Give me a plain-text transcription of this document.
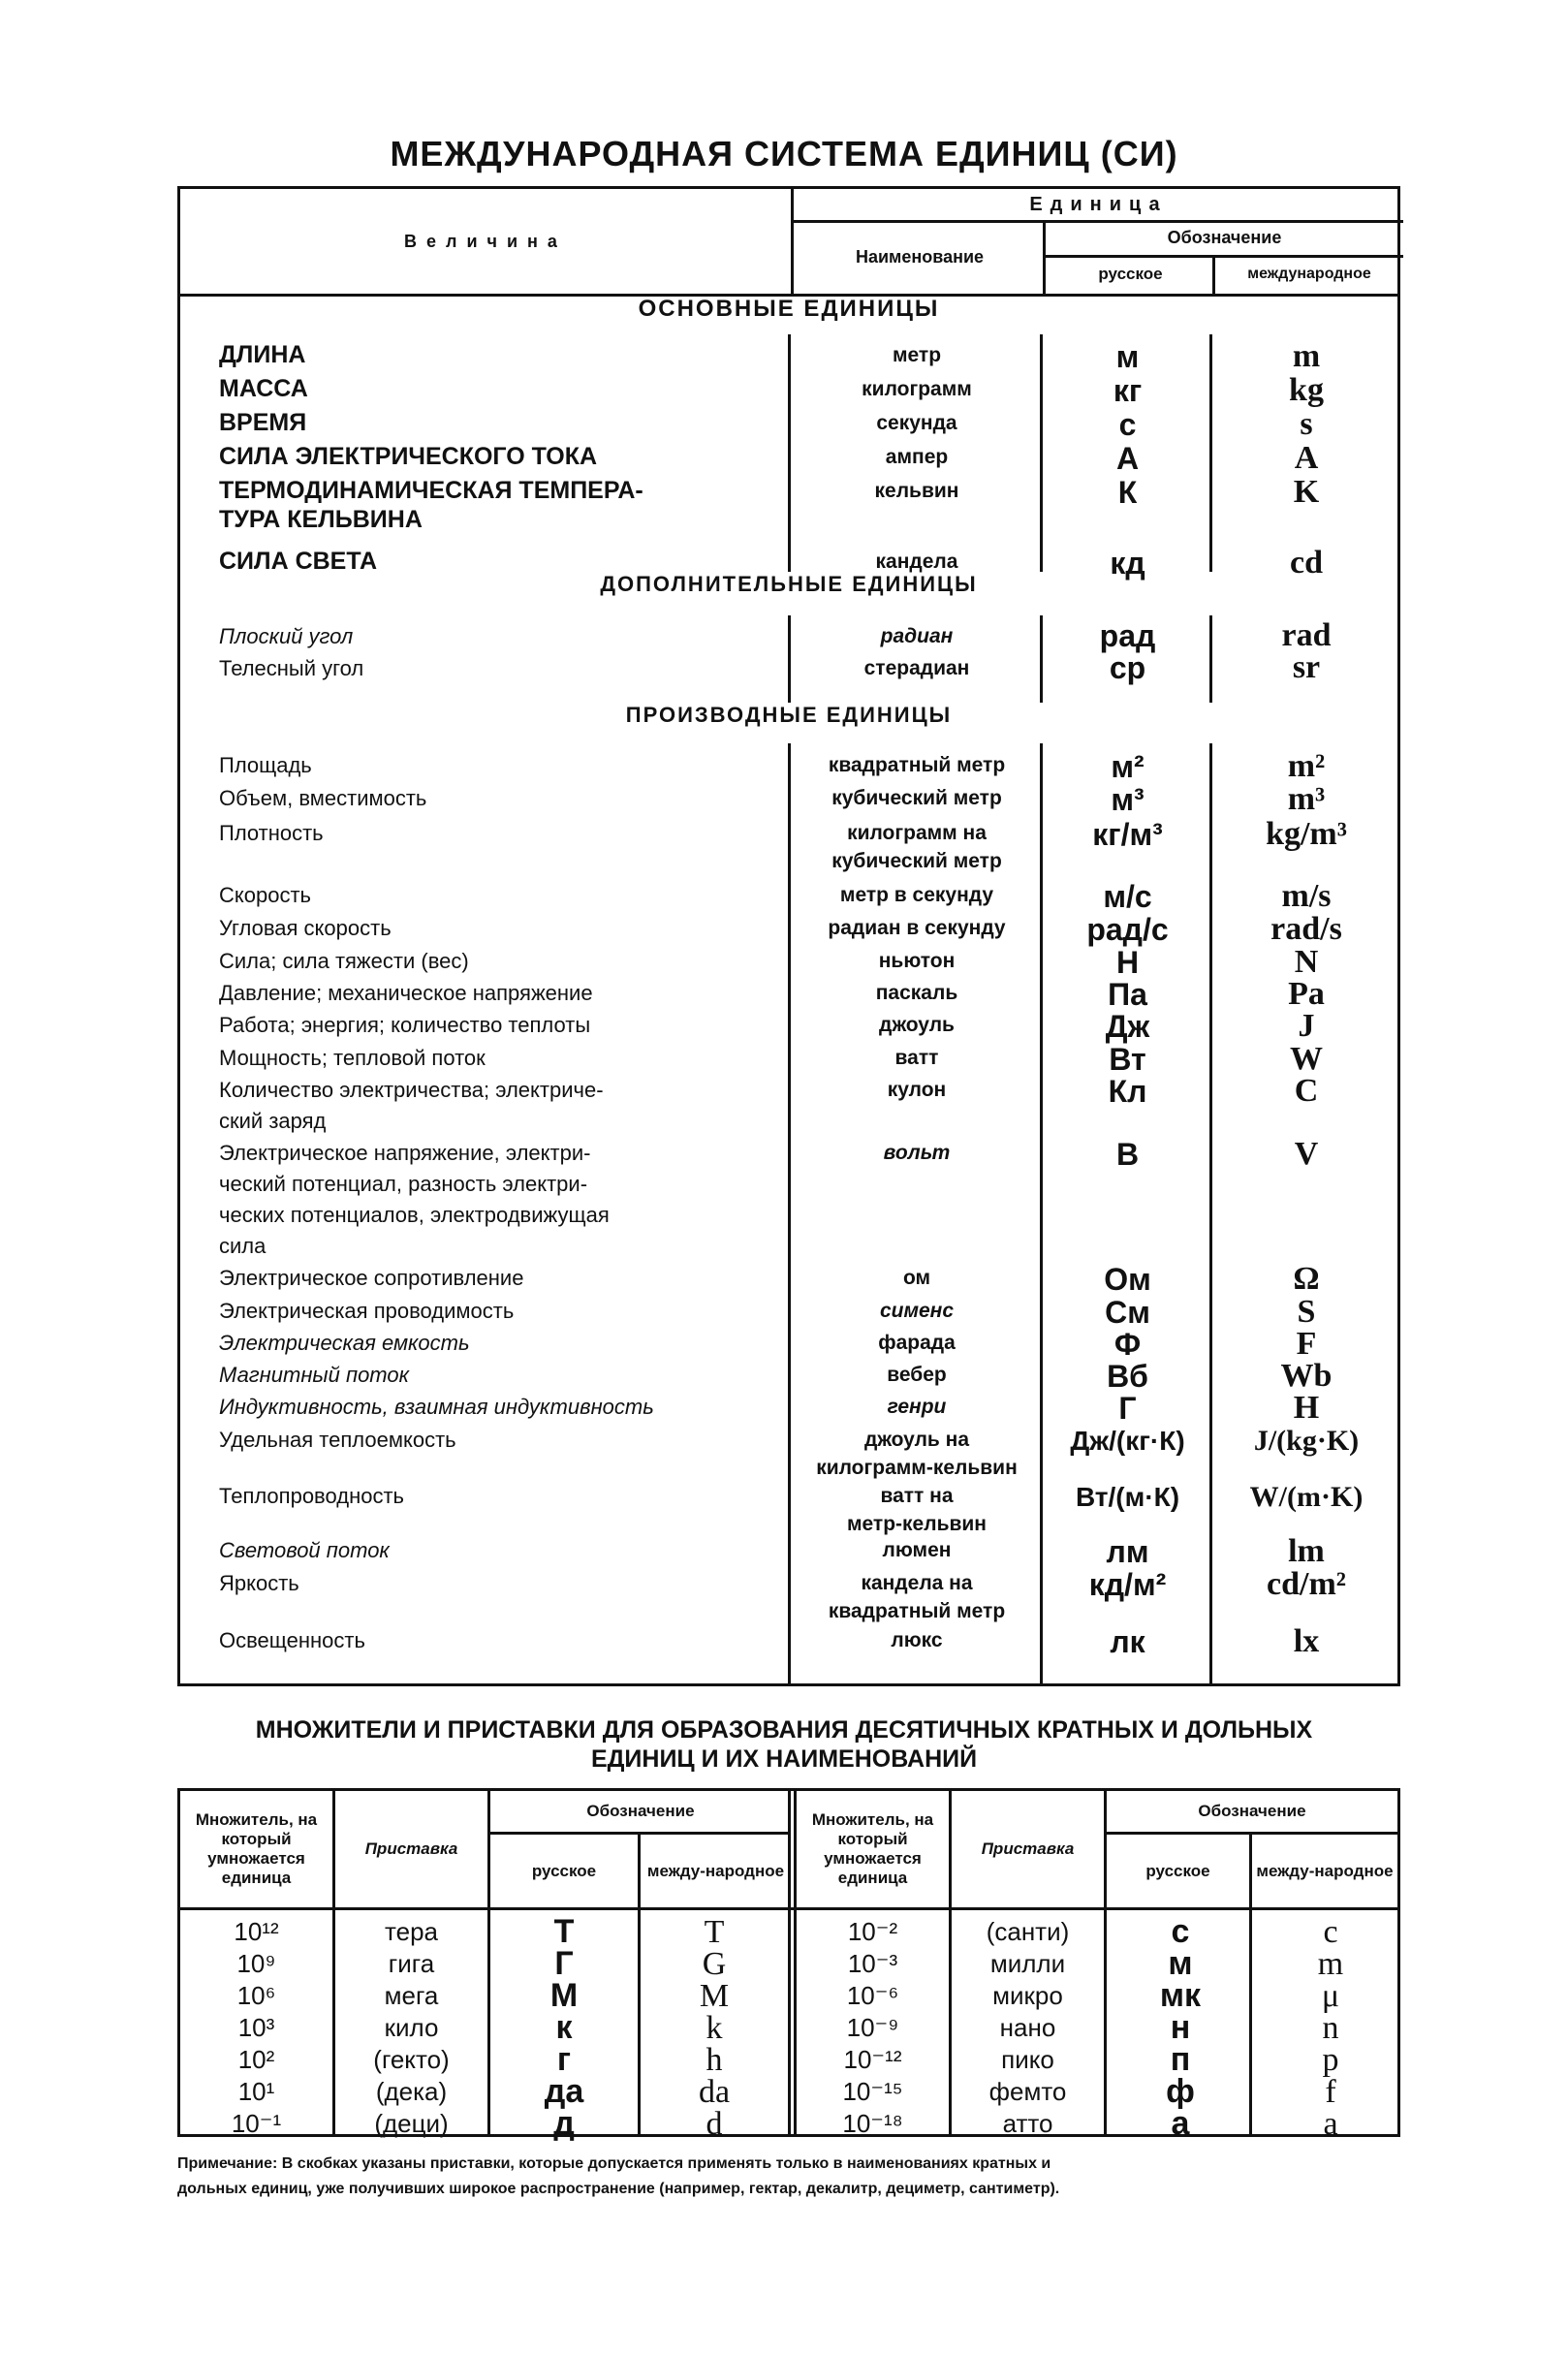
МЕЖДУНАРОДНАЯ СИСТЕМА ЕДИНИЦ (СИ)
Величина
Единица
Наименование
Обозначение
русское	международное
ОСНОВНЫЕ ЕДИНИЦЫ
ДЛИНА	метр	м	m
МАССА	килограмм	кг	kg
ВРЕМЯ	секунда	с	s
СИЛА ЭЛЕКТРИЧЕСКОГО ТОКА	ампер	А	A
ТЕРМОДИНАМИЧЕСКАЯ ТЕМПЕРА-
ТУРА КЕЛЬВИНА
кельвин	К	K
СИЛА СВЕТА	кандела	кд	cd
ДОПОЛНИТЕЛЬНЫЕ ЕДИНИЦЫ
Плоский угол	радиан	рад	rad
Телесный угол	стерадиан	ср	sr
ПРОИЗВОДНЫЕ ЕДИНИЦЫ
Площадь	квадратный метр	м²	m²
Объем, вместимость	кубический метр	м³	m³
Плотность	килограмм на
кубический метр
кг/м³	kg/m³
Скорость	метр в секунду	м/с	m/s
Угловая скорость	радиан в секунду	рад/с	rad/s
Сила; сила тяжести (вес)	ньютон	Н	N
Давление; механическое напряжение	паскаль	Па	Pa
Работа; энергия; количество теплоты	джоуль	Дж	J
Мощность; тепловой поток	ватт	Вт	W
Количество электричества; электриче-
ский заряд
кулон	Кл	C
Электрическое напряжение, электри-
ческий потенциал, разность электри-
ческих потенциалов, электродвижущая
сила
вольт	В	V
Электрическое сопротивление	ом	Ом	Ω
Электрическая проводимость	сименс	См	S
Электрическая емкость	фарада	Ф	F
Магнитный поток	вебер	Вб	Wb
Индуктивность, взаимная индуктивность	генри	Г	H
Удельная теплоемкость	джоуль на
килограмм-кельвин
Дж/(кг·К)	J/(kg·K)
Теплопроводность	ватт на
метр-кельвин
Вт/(м·К)	W/(m·K)
Световой поток	люмен	лм	lm
Яркость	кандела на
квадратный метр
кд/м²	cd/m²
Освещенность	люкс	лк	lx
МНОЖИТЕЛИ И ПРИСТАВКИ ДЛЯ ОБРАЗОВАНИЯ ДЕСЯТИЧНЫХ КРАТНЫХ И ДОЛЬНЫХ
ЕДИНИЦ И ИХ НАИМЕНОВАНИЙ
Множитель, на который умножается единица
Приставка
Обозначение
русское	между-народное
Множитель, на который умножается единица
Приставка
Обозначение
русское	между-народное
10¹²	тера	Т	T
10⁹	гига	Г	G
10⁶	мега	М	M
10³	кило	к	k
10²	(гекто)	г	h
10¹	(дека)	да	da
10⁻¹	(деци)	д	d
10⁻²	(санти)	с	c
10⁻³	милли	м	m
10⁻⁶	микро	мк	μ
10⁻⁹	нано	н	n
10⁻¹²	пико	п	p
10⁻¹⁵	фемто	ф	f
10⁻¹⁸	атто	а	a
Примечание: В скобках указаны приставки, которые допускается применять только в наименованиях кратных и
дольных единиц, уже получивших широкое распространение (например, гектар, декалитр, дециметр, сантиметр).
